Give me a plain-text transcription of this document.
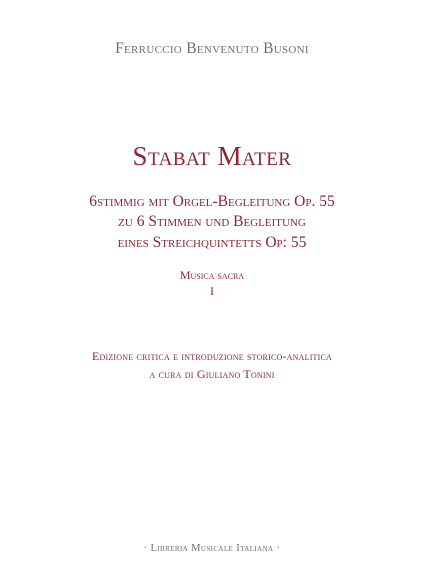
Ferruccio Benvenuto Busoni
Stabat Mater
6stimmig mit Orgel-Begleitung Op. 55
zu 6 Stimmen und Begleitung
eines Streichquintetts Op: 55
Musica sacra
I
Edizione critica e introduzione storico-analitica
a cura di Giuliano Tonini
· Libreria Musicale Italiana ·
